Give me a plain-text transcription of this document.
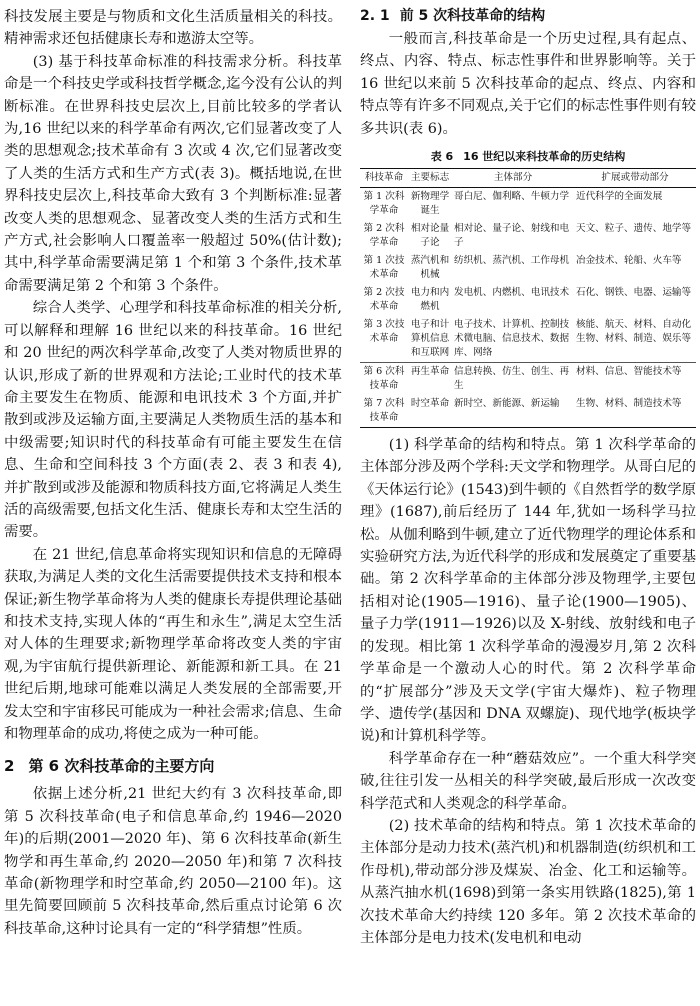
科技发展主要是与物质和文化生活质量相关的科技。精神需求还包括健康长寿和遨游太空等。

(3) 基于科技革命标准的科技需求分析。科技革命是一个科技史学或科技哲学概念,迄今没有公认的判断标准。在世界科技史层次上,目前比较多的学者认为,16 世纪以来的科学革命有两次,它们显著改变了人类的思想观念;技术革命有 3 次或 4 次,它们显著改变了人类的生活方式和生产方式(表 3)。概括地说,在世界科技史层次上,科技革命大致有 3 个判断标准:显著改变人类的思想观念、显著改变人类的生活方式和生产方式,社会影响人口覆盖率一般超过 50%(估计数);其中,科学革命需要满足第 1 个和第 3 个条件,技术革命需要满足第 2 个和第 3 个条件。

综合人类学、心理学和科技革命标准的相关分析,可以解释和理解 16 世纪以来的科技革命。16 世纪和 20 世纪的两次科学革命,改变了人类对物质世界的认识,形成了新的世界观和方法论;工业时代的技术革命主要发生在物质、能源和电讯技术 3 个方面,并扩散到或涉及运输方面,主要满足人类物质生活的基本和中级需要;知识时代的科技革命有可能主要发生在信息、生命和空间科技 3 个方面(表 2、表 3 和表 4),并扩散到或涉及能源和物质科技方面,它将满足人类生活的高级需要,包括文化生活、健康长寿和太空生活的需要。

在 21 世纪,信息革命将实现知识和信息的无障碍获取,为满足人类的文化生活需要提供技术支持和根本保证;新生物学革命将为人类的健康长寿提供理论基础和技术支持,实现人体的“再生和永生”,满足太空生活对人体的生理要求;新物理学革命将改变人类的宇宙观,为宇宙航行提供新理论、新能源和新工具。在 21 世纪后期,地球可能难以满足人类发展的全部需要,开发太空和宇宙移民可能成为一种社会需求;信息、生命和物理革命的成功,将使之成为一种可能。

2 第 6 次科技革命的主要方向

依据上述分析,21 世纪大约有 3 次科技革命,即第 5 次科技革命(电子和信息革命,约 1946—2020 年)的后期(2001—2020 年)、第 6 次科技革命(新生物学和再生革命,约 2020—2050 年)和第 7 次科技革命(新物理学和时空革命,约 2050—2100 年)。这里先简要回顾前 5 次科技革命,然后重点讨论第 6 次科技革命,这种讨论具有一定的“科学猜想”性质。

2. 1 前 5 次科技革命的结构

一般而言,科技革命是一个历史过程,具有起点、终点、内容、特点、标志性事件和世界影响等。关于 16 世纪以来前 5 次科技革命的起点、终点、内容和特点等有许多不同观点,关于它们的标志性事件则有较多共识(表 6)。

表 6 16 世纪以来科技革命的历史结构
科技革命	主要标志	主体部分	扩展或带动部分
第 1 次科学革命	新物理学诞生	哥白尼、伽利略、牛顿力学	近代科学的全面发展
第 2 次科学革命	相对论量子论	相对论、量子论、射线和电子	天文、粒子、遗传、地学等
第 1 次技术革命	蒸汽机和机械	纺织机、蒸汽机、工作母机	冶金技术、轮船、火车等
第 2 次技术革命	电力和内燃机	发电机、内燃机、电讯技术	石化、钢铁、电器、运输等
第 3 次技术革命	电子和计算机信息和互联网	电子技术、计算机、控制技术微电脑、信息技术、数据库、网络	核能、航天、材料、自动化生物、材料、制造、娱乐等
第 6 次科技革命	再生革命	信息转换、仿生、创生、再生	材料、信息、智能技术等
第 7 次科技革命	时空革命	新时空、新能源、新运输	生物、材料、制造技术等

(1) 科学革命的结构和特点。第 1 次科学革命的主体部分涉及两个学科:天文学和物理学。从哥白尼的《天体运行论》(1543)到牛顿的《自然哲学的数学原理》(1687),前后经历了 144 年,犹如一场科学马拉松。从伽利略到牛顿,建立了近代物理学的理论体系和实验研究方法,为近代科学的形成和发展奠定了重要基础。第 2 次科学革命的主体部分涉及物理学,主要包括相对论(1905—1916)、量子论(1900—1905)、量子力学(1911—1926)以及 X-射线、放射线和电子的发现。相比第 1 次科学革命的漫漫岁月,第 2 次科学革命是一个激动人心的时代。第 2 次科学革命的“扩展部分”涉及天文学(宇宙大爆炸)、粒子物理学、遗传学(基因和 DNA 双螺旋)、现代地学(板块学说)和计算机科学等。

科学革命存在一种“蘑菇效应”。一个重大科学突破,往往引发一丛相关的科学突破,最后形成一次改变科学范式和人类观念的科学革命。

(2) 技术革命的结构和特点。第 1 次技术革命的主体部分是动力技术(蒸汽机)和机器制造(纺织机和工作母机),带动部分涉及煤炭、冶金、化工和运输等。从蒸汽抽水机(1698)到第一条实用铁路(1825),第 1 次技术革命大约持续 120 多年。第 2 次技术革命的主体部分是电力技术(发电机和电动
